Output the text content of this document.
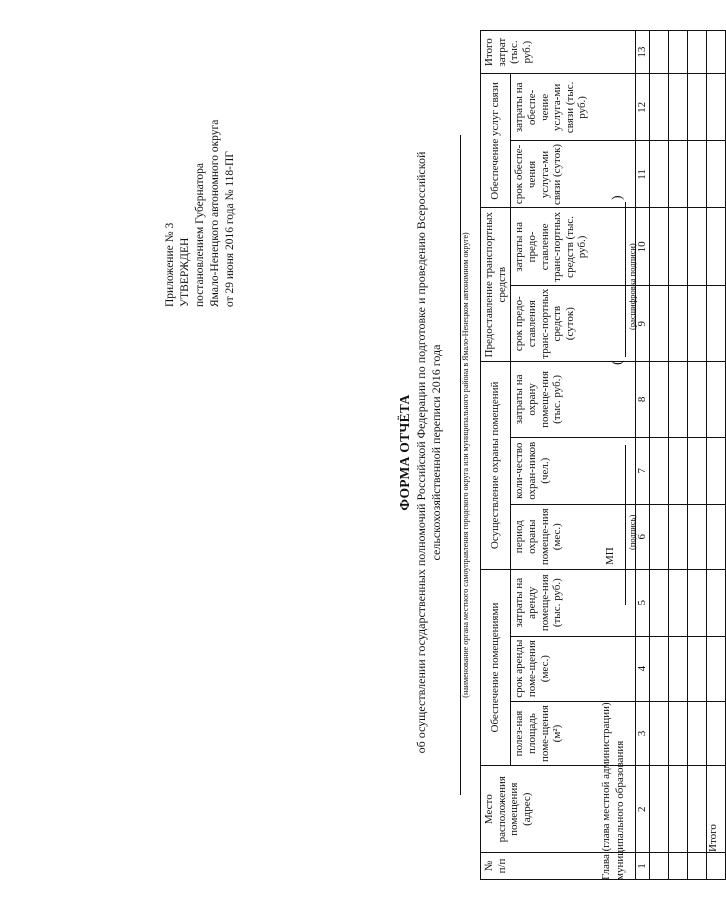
Приложение № 3 УТВЕРЖДЕН постановлением Губернатора Ямало-Ненецкого автономного округа от 29 июня 2016 года № 118-ПГ
ФОРМА ОТЧЁТА об осуществлении государственных полномочий Российской Федерации по подготовке и проведению Всероссийской сельскохозяйственной переписи 2016 года (наименование органа местного самоуправления городского округа или муниципального района в Ямало-Ненецком автономном округе)
№ п/п	Место расположения помещения (адрес)	Обеспечение помещениями			Осуществление охраны помещений			Предоставление транспортных средств		Обеспечение услуг связи		Итого затрат (тыс. руб.)
		полез-ная площадь поме-щения (м²)	срок аренды поме-щения (мес.)	затраты на аренду помеще-ния (тыс. руб.)	период охраны помеще-ния (мес.)	коли-чество охран-ников (чел.)	затраты на охрану помеще-ния (тыс. руб.)	срок предо-ставления транс-портных средств (суток)	затраты на предо-ставление транс-портных средств (тыс. руб.)	срок обеспе-чения услуга-ми связи (суток)	затраты на обеспе-чение услуга-ми связи (тыс. руб.)	
1	2	3	4	5	6	7	8	9	10	11	12	13

	Итого											
Глава (глава местной администрации) муниципального образования
(подпись)
МП
(
)
(расшифровка подписи)
